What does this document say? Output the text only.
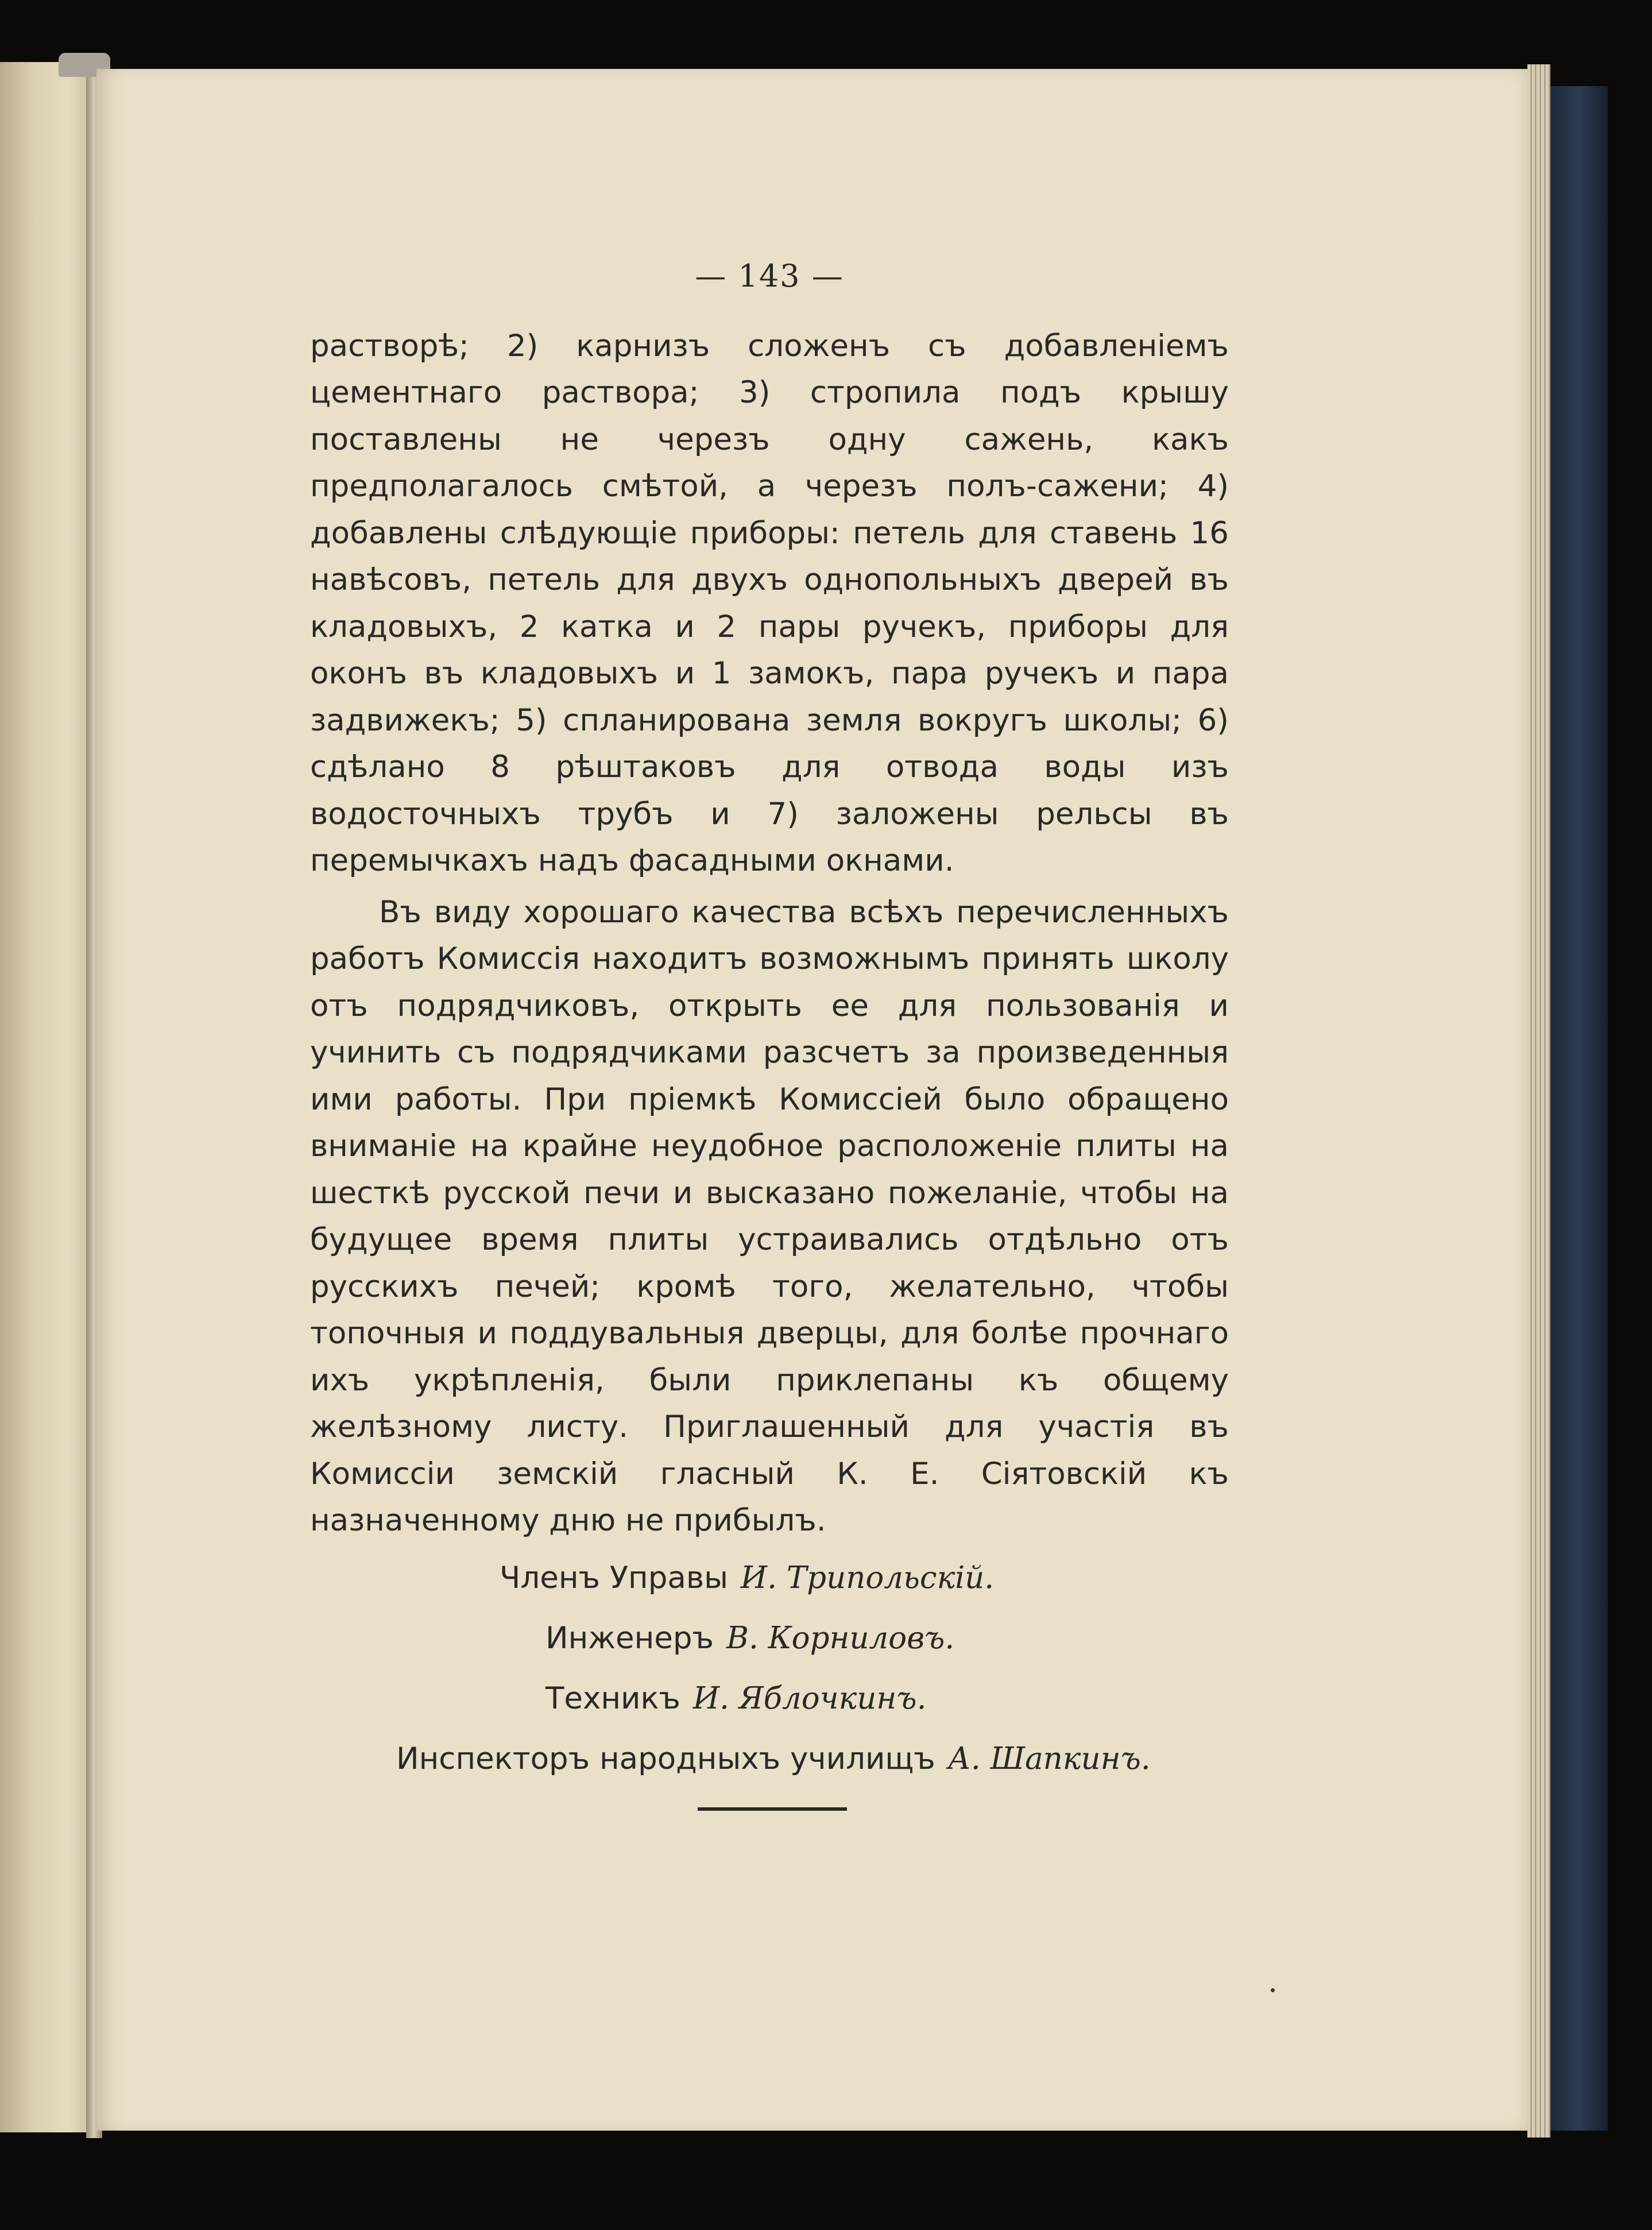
— 143 —

растворѣ; 2) карнизъ сложенъ съ добавленіемъ цементнаго раствора; 3) стропила подъ крышу поставлены не черезъ одну сажень, какъ предполагалось смѣтой, а черезъ полъ-сажени; 4) добавлены слѣдующіе приборы: петель для ставень 16 навѣсовъ, петель для двухъ однопольныхъ дверей въ кладовыхъ, 2 катка и 2 пары ручекъ, приборы для оконъ въ кладовыхъ и 1 замокъ, пара ручекъ и пара задвижекъ; 5) спланирована земля вокругъ школы; 6) сдѣлано 8 рѣштаковъ для отвода воды изъ водосточныхъ трубъ и 7) заложены рельсы въ перемычкахъ надъ фасадными окнами.

Въ виду хорошаго качества всѣхъ перечисленныхъ работъ Комиссія находитъ возможнымъ принять школу отъ подрядчиковъ, открыть ее для пользованія и учинить съ подрядчиками разсчетъ за произведенныя ими работы. При пріемкѣ Комиссіей было обращено вниманіе на крайне неудобное расположеніе плиты на шесткѣ русской печи и высказано пожеланіе, чтобы на будущее время плиты устраивались отдѣльно отъ русскихъ печей; кромѣ того, желательно, чтобы топочныя и поддувальныя дверцы, для болѣе прочнаго ихъ укрѣпленія, были приклепаны къ общему желѣзному листу. Приглашенный для участія въ Комиссіи земскій гласный К. Е. Сіятовскій къ назначенному дню не прибылъ.

Членъ Управы И. Трипольскій.
Инженеръ В. Корниловъ.
Техникъ И. Яблочкинъ.
Инспекторъ народныхъ училищъ А. Шапкинъ.
